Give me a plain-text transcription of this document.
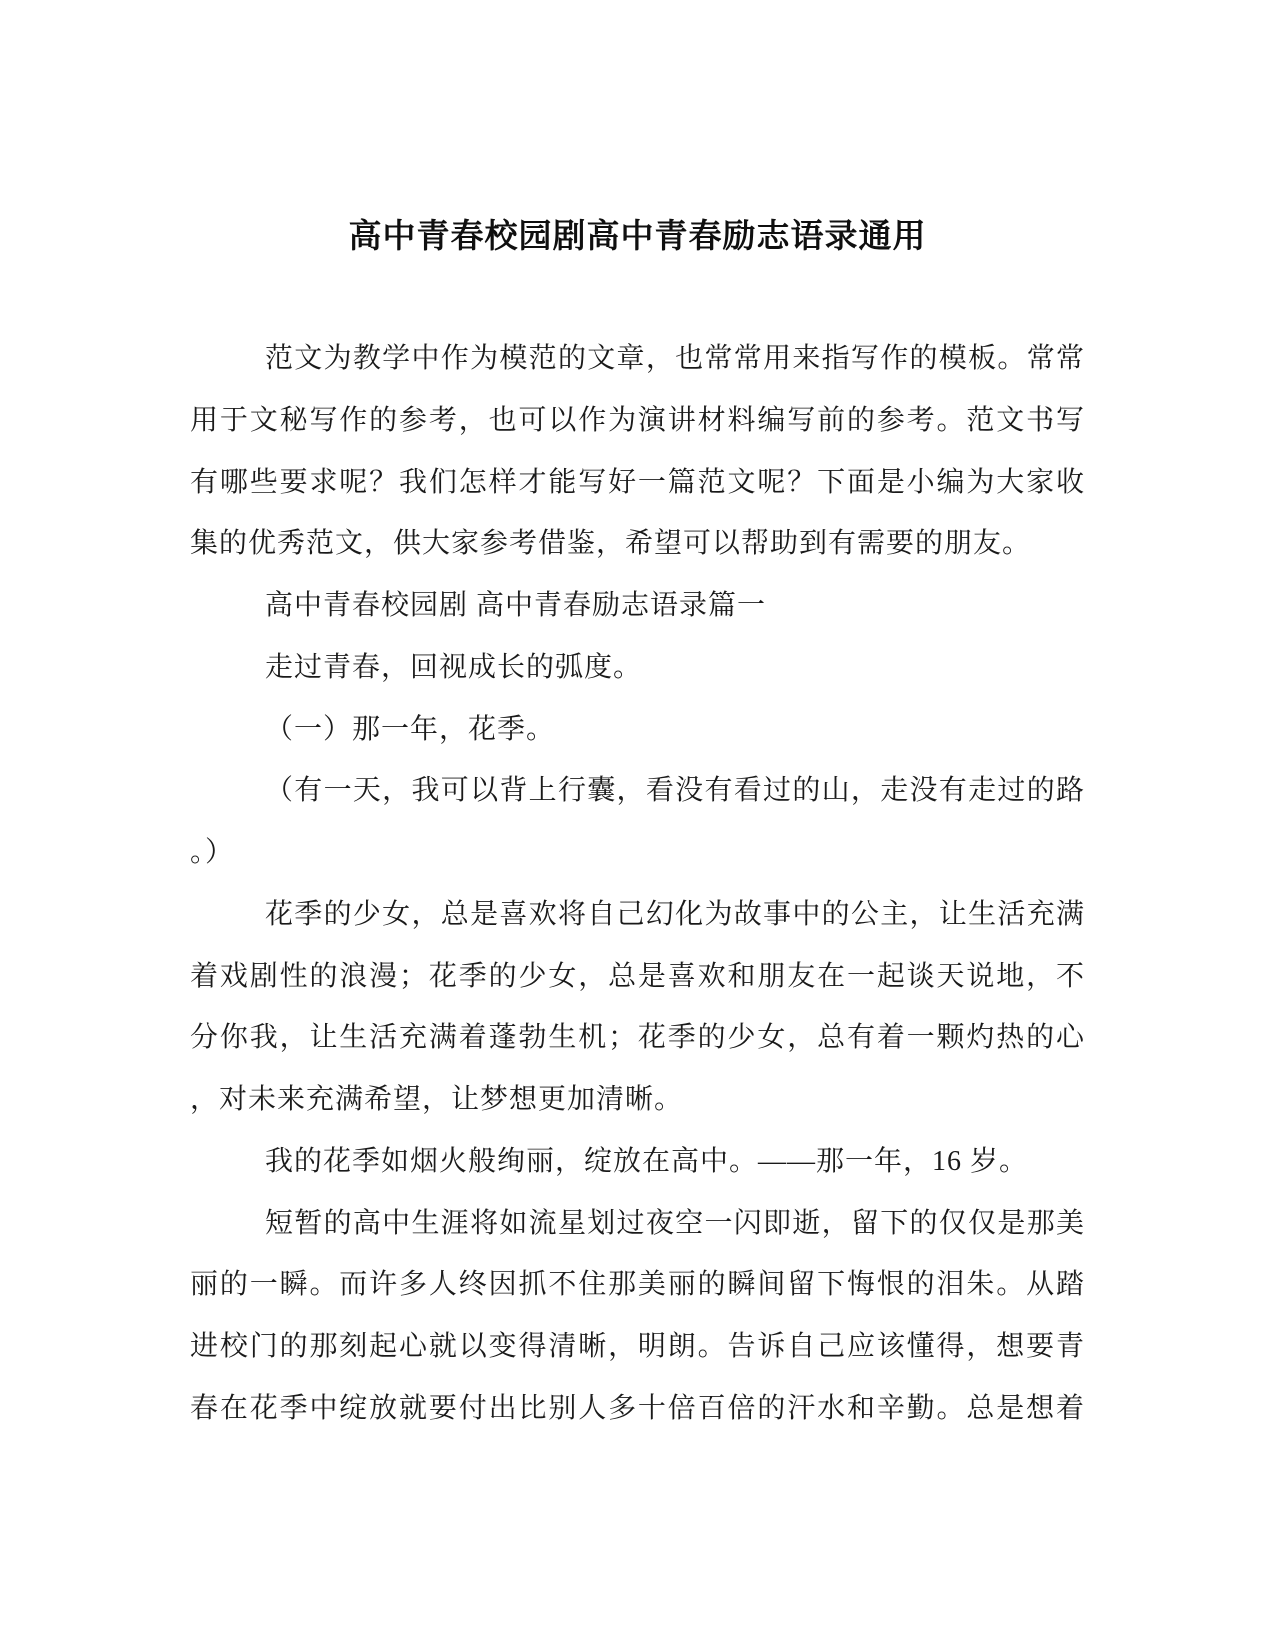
高中青春校园剧高中青春励志语录通用
范文为教学中作为模范的文章，也常常用来指写作的模板。常常
用于文秘写作的参考，也可以作为演讲材料编写前的参考。范文书写
有哪些要求呢？我们怎样才能写好一篇范文呢？下面是小编为大家收
集的优秀范文，供大家参考借鉴，希望可以帮助到有需要的朋友。
高中青春校园剧 高中青春励志语录篇一
走过青春，回视成长的弧度。
（一）那一年，花季。
（有一天，我可以背上行囊，看没有看过的山，走没有走过的路
。）
花季的少女，总是喜欢将自己幻化为故事中的公主，让生活充满
着戏剧性的浪漫；花季的少女，总是喜欢和朋友在一起谈天说地，不
分你我，让生活充满着蓬勃生机；花季的少女，总有着一颗灼热的心
，对未来充满希望，让梦想更加清晰。
我的花季如烟火般绚丽，绽放在高中。——那一年，16 岁。
短暂的高中生涯将如流星划过夜空一闪即逝，留下的仅仅是那美
丽的一瞬。而许多人终因抓不住那美丽的瞬间留下悔恨的泪朱。从踏
进校门的那刻起心就以变得清晰，明朗。告诉自己应该懂得，想要青
春在花季中绽放就要付出比别人多十倍百倍的汗水和辛勤。总是想着
